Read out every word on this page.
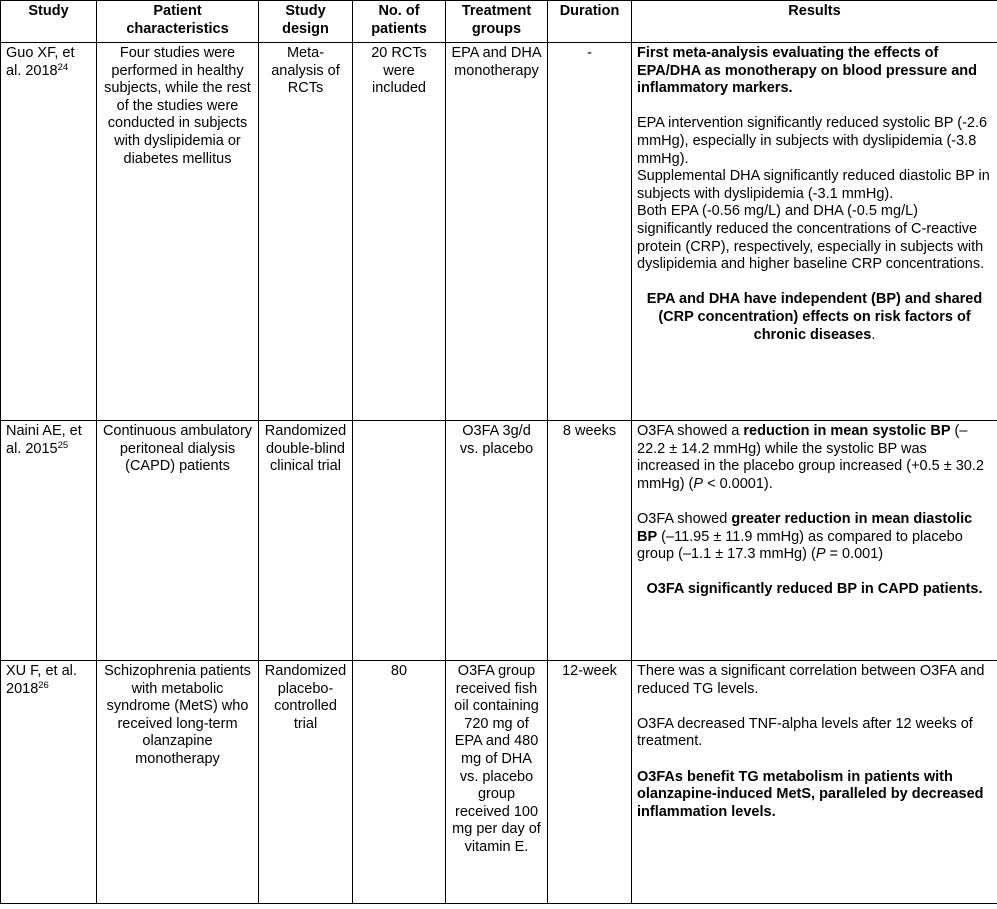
Study	Patient characteristics	Study design	No. of patients	Treatment groups	Duration	Results
Guo XF, et al. 2018$^{24}$	Four studies were performed in healthy subjects, while the rest of the studies were conducted in subjects with dyslipidemia or diabetes mellitus	Meta-analysis of RCTs	20 RCTs were included	EPA and DHA monotherapy	-	First meta-analysis evaluating the effects of EPA/DHA as monotherapy on blood pressure and inflammatory markers.

EPA intervention significantly reduced systolic BP (-2.6 mmHg), especially in subjects with dyslipidemia (-3.8 mmHg).

Supplemental DHA significantly reduced diastolic BP in subjects with dyslipidemia (-3.1 mmHg).

Both EPA (-0.56 mg/L) and DHA (-0.5 mg/L) significantly reduced the concentrations of C-reactive protein (CRP), respectively, especially in subjects with dyslipidemia and higher baseline CRP concentrations.

EPA and DHA have independent (BP) and shared (CRP concentration) effects on risk factors of chronic diseases.

Naini AE, et al. 2015$^{25}$	Continuous ambulatory peritoneal dialysis (CAPD) patients	Randomized double-blind clinical trial		O3FA 3g/d vs. placebo	8 weeks	O3FA showed a reduction in mean systolic BP (–22.2 ± 14.2 mmHg) while the systolic BP was increased in the placebo group increased (+0.5 ± 30.2 mmHg) (P < 0.0001).

O3FA showed greater reduction in mean diastolic BP (–11.95 ± 11.9 mmHg) as compared to placebo group (–1.1 ± 17.3 mmHg) (P = 0.001)

O3FA significantly reduced BP in CAPD patients.

XU F, et al. 2018$^{26}$	Schizophrenia patients with metabolic syndrome (MetS) who received long-term olanzapine monotherapy	Randomized placebo-controlled trial	80	O3FA group received fish oil containing 720 mg of EPA and 480 mg of DHA vs. placebo group received 100 mg per day of vitamin E.	12-week	There was a significant correlation between O3FA and reduced TG levels.

O3FA decreased TNF-alpha levels after 12 weeks of treatment.

O3FAs benefit TG metabolism in patients with olanzapine-induced MetS, paralleled by decreased inflammation levels.
